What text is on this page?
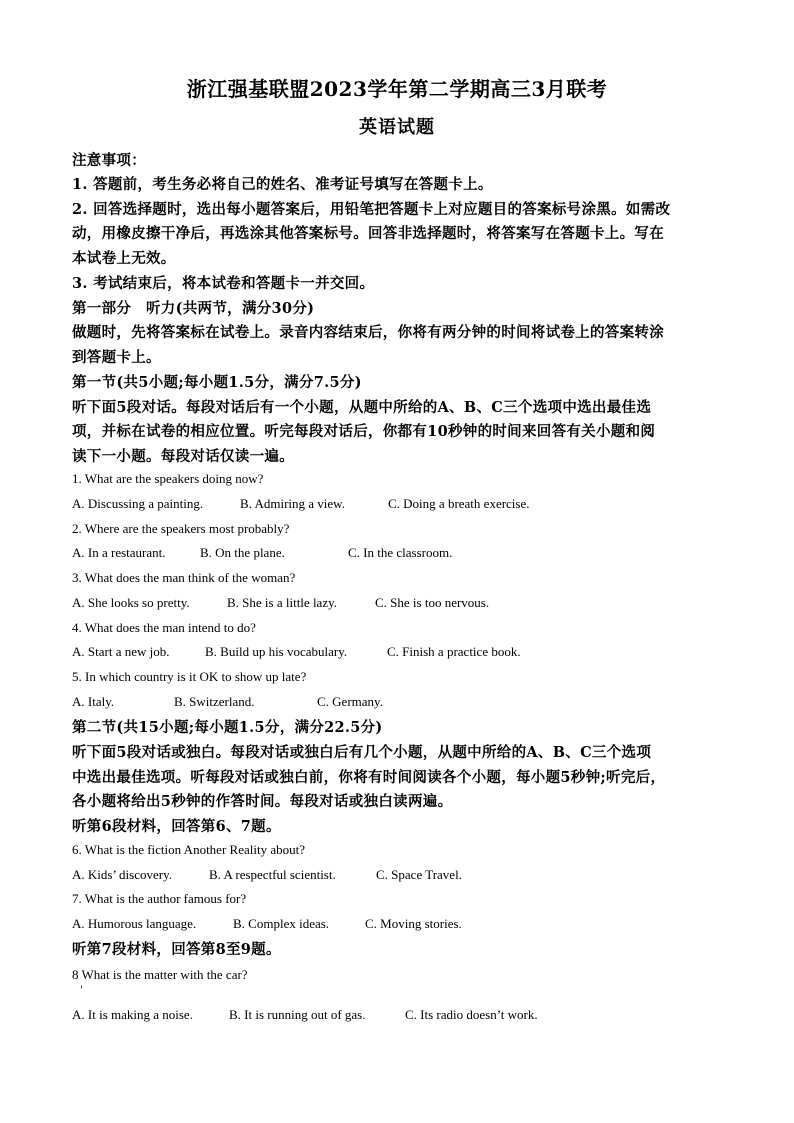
浙江强基联盟2023学年第二学期高三3月联考
英语试题
注意事项：
1. 答题前，考生务必将自己的姓名、准考证号填写在答题卡上。
2. 回答选择题时，选出每小题答案后，用铅笔把答题卡上对应题目的答案标号涂黑。如需改
动，用橡皮擦干净后，再选涂其他答案标号。回答非选择题时，将答案写在答题卡上。写在
本试卷上无效。
3. 考试结束后，将本试卷和答题卡一并交回。
第一部分　听力(共两节，满分30分)
做题时，先将答案标在试卷上。录音内容结束后，你将有两分钟的时间将试卷上的答案转涂
到答题卡上。
第一节(共5小题;每小题1.5分，满分7.5分)
听下面5段对话。每段对话后有一个小题，从题中所给的A、B、C三个选项中选出最佳选
项，并标在试卷的相应位置。听完每段对话后，你都有10秒钟的时间来回答有关小题和阅
读下一小题。每段对话仅读一遍。
1. What are the speakers doing now?
A. Discussing a painting.	B. Admiring a view.	C. Doing a breath exercise.
2. Where are the speakers most probably?
A. In a restaurant.	B. On the plane.	C. In the classroom.
3. What does the man think of the woman?
A. She looks so pretty.	B. She is a little lazy.	C. She is too nervous.
4. What does the man intend to do?
A. Start a new job.	B. Build up his vocabulary.	C. Finish a practice book.
5. In which country is it OK to show up late?
A. Italy.	B. Switzerland.	C. Germany.
第二节(共15小题;每小题1.5分，满分22.5分)
听下面5段对话或独白。每段对话或独白后有几个小题，从题中所给的A、B、C三个选项
中选出最佳选项。听每段对话或独白前，你将有时间阅读各个小题，每小题5秒钟;听完后，
各小题将给出5秒钟的作答时间。每段对话或独白读两遍。
听第6段材料，回答第6、7题。
6. What is the fiction Another Reality about?
A. Kids’ discovery.	B. A respectful scientist.	C. Space Travel.
7. What is the author famous for?
A. Humorous language.	B. Complex ideas.	C. Moving stories.
听第7段材料，回答第8至9题。
8 What is the matter with the car?
'
A. It is making a noise.	B. It is running out of gas.	C. Its radio doesn’t work.
